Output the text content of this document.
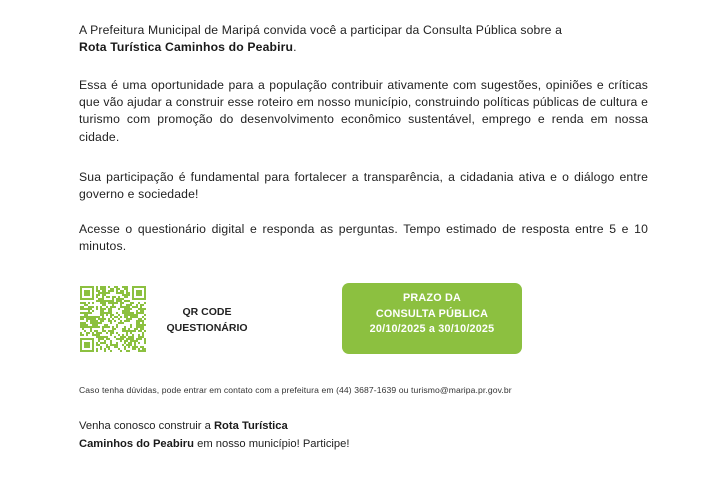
A Prefeitura Municipal de Maripá convida você a participar da Consulta Pública sobre a
Rota Turística Caminhos do Peabiru.

Essa é uma oportunidade para a população contribuir ativamente com sugestões, opiniões e críticas que vão ajudar a construir esse roteiro em nosso município, construindo políticas públicas de cultura e turismo com promoção do desenvolvimento econômico sustentável, emprego e renda em nossa cidade.

Sua participação é fundamental para fortalecer a transparência, a cidadania ativa e o diálogo entre governo e sociedade!

Acesse o questionário digital e responda as perguntas. Tempo estimado de resposta entre 5 e 10 minutos.

QR CODE
QUESTIONÁRIO
PRAZO DA
CONSULTA PÚBLICA
20/10/2025 a 30/10/2025
Caso tenha dúvidas, pode entrar em contato com a prefeitura em (44) 3687-1639 ou turismo@maripa.pr.gov.br
Venha conosco construir a Rota Turística
Caminhos do Peabiru em nosso município! Participe!
